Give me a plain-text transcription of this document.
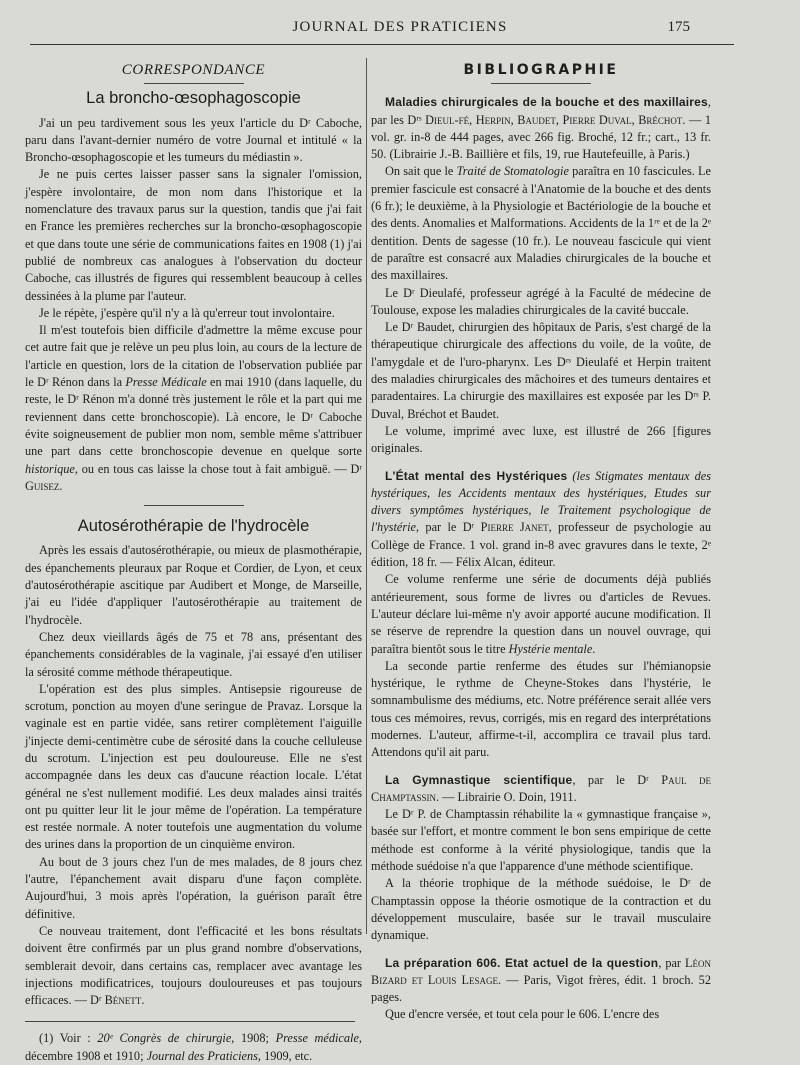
JOURNAL DES PRATICIENS	175
CORRESPONDANCE
La broncho-œsophagoscopie

J'ai un peu tardivement sous les yeux l'article du Dʳ Caboche, paru dans l'avant-dernier numéro de votre Journal et intitulé « la Broncho-œsophagoscopie et les tumeurs du médiastin ».

Je ne puis certes laisser passer sans la signaler l'omission, j'espère involontaire, de mon nom dans l'historique et la nomenclature des travaux parus sur la question, tandis que j'ai fait en France les premières recherches sur la broncho-œsophagoscopie et que dans toute une série de communications faites en 1908 (1) j'ai publié de nombreux cas analogues à l'observation du docteur Caboche, cas illustrés de figures qui ressemblent beaucoup à celles dessinées à la plume par l'auteur.

Je le répète, j'espère qu'il n'y a là qu'erreur tout involontaire.

Il m'est toutefois bien difficile d'admettre la même excuse pour cet autre fait que je relève un peu plus loin, au cours de la lecture de l'article en question, lors de la citation de l'observation publiée par le Dʳ Rénon dans la Presse Médicale en mai 1910 (dans laquelle, du reste, le Dʳ Rénon m'a donné très justement le rôle et la part qui me reviennent dans cette bronchoscopie). Là encore, le Dʳ Caboche évite soigneusement de publier mon nom, semble même s'attribuer une part dans cette bronchoscopie devenue en quelque sorte historique, ou en tous cas laisse la chose tout à fait ambiguë. — Dʳ Guisez.

Autosérothérapie de l'hydrocèle

Après les essais d'autosérothérapie, ou mieux de plasmothérapie, des épanchements pleuraux par Roque et Cordier, de Lyon, et ceux d'autosérothérapie ascitique par Audibert et Monge, de Marseille, j'ai eu l'idée d'appliquer l'autosérothérapie au traitement de l'hydrocèle.

Chez deux vieillards âgés de 75 et 78 ans, présentant des épanchements considérables de la vaginale, j'ai essayé d'en utiliser la sérosité comme méthode thérapeutique.

L'opération est des plus simples. Antisepsie rigoureuse de scrotum, ponction au moyen d'une seringue de Pravaz. Lorsque la vaginale est en partie vidée, sans retirer complètement l'aiguille j'injecte demi-centimètre cube de sérosité dans la couche celluleuse du scrotum. L'injection est peu douloureuse. Elle ne s'est accompagnée dans les deux cas d'aucune réaction locale. L'état général ne s'est nullement modifié. Les deux malades ainsi traités ont pu quitter leur lit le jour même de l'opération. La température est restée normale. A noter toutefois une augmentation du volume des urines dans la proportion de un cinquième environ.

Au bout de 3 jours chez l'un de mes malades, de 8 jours chez l'autre, l'épanchement avait disparu d'une façon complète. Aujourd'hui, 3 mois après l'opération, la guérison paraît être définitive.

Ce nouveau traitement, dont l'efficacité et les bons résultats doivent être confirmés par un plus grand nombre d'observations, semblerait devoir, dans certains cas, remplacer avec avantage les injections modificatrices, toujours douloureuses et pas toujours efficaces. — Dʳ Bénett.

(1) Voir : 20ᵉ Congrès de chirurgie, 1908; Presse médicale, décembre 1908 et 1910; Journal des Praticiens, 1909, etc.

BIBLIOGRAPHIE

Maladies chirurgicales de la bouche et des maxillaires, par les Dʳˢ Dieul-fé, Herpin, Baudet, Pierre Duval, Bréchot. — 1 vol. gr. in-8 de 444 pages, avec 266 fig. Broché, 12 fr.; cart., 13 fr. 50. (Librairie J.-B. Baillière et fils, 19, rue Hautefeuille, à Paris.)

On sait que le Traité de Stomatologie paraîtra en 10 fascicules. Le premier fascicule est consacré à l'Anatomie de la bouche et des dents (6 fr.); le deuxième, à la Physiologie et Bactériologie de la bouche et des dents. Anomalies et Malformations. Accidents de la 1ʳᵉ et de la 2ᵉ dentition. Dents de sagesse (10 fr.). Le nouveau fascicule qui vient de paraître est consacré aux Maladies chirurgicales de la bouche et des maxillaires.

Le Dʳ Dieulafé, professeur agrégé à la Faculté de médecine de Toulouse, expose les maladies chirurgicales de la cavité buccale.

Le Dʳ Baudet, chirurgien des hôpitaux de Paris, s'est chargé de la thérapeutique chirurgicale des affections du voile, de la voûte, de l'amygdale et de l'uro-pharynx. Les Dʳˢ Dieulafé et Herpin traitent des maladies chirurgicales des mâchoires et des tumeurs dentaires et paradentaires. La chirurgie des maxillaires est exposée par les Dʳˢ P. Duval, Bréchot et Baudet.

Le volume, imprimé avec luxe, est illustré de 266 [figures originales.

L'État mental des Hystériques (les Stigmates mentaux des hystériques, les Accidents mentaux des hystériques, Etudes sur divers symptômes hystériques, le Traitement psychologique de l'hystérie, par le Dʳ Pierre Janet, professeur de psychologie au Collège de France. 1 vol. grand in-8 avec gravures dans le texte, 2ᵉ édition, 18 fr. — Félix Alcan, éditeur.

Ce volume renferme une série de documents déjà publiés antérieurement, sous forme de livres ou d'articles de Revues. L'auteur déclare lui-même n'y avoir apporté aucune modification. Il se réserve de reprendre la question dans un nouvel ouvrage, qui paraîtra bientôt sous le titre Hystérie mentale.

La seconde partie renferme des études sur l'hémianopsie hystérique, le rythme de Cheyne-Stokes dans l'hystérie, le somnambulisme des médiums, etc. Notre préférence serait allée vers tous ces mémoires, revus, corrigés, mis en regard des interprétations modernes. L'auteur, affirme-t-il, accomplira ce travail plus tard. Attendons qu'il ait paru.

La Gymnastique scientifique, par le Dʳ Paul de Champtassin. — Librairie O. Doin, 1911.

Le Dʳ P. de Champtassin réhabilite la « gymnastique française », basée sur l'effort, et montre comment le bon sens empirique de cette méthode est conforme à la vérité physiologique, tandis que la méthode suédoise n'a que l'apparence d'une méthode scientifique.

A la théorie trophique de la méthode suédoise, le Dʳ de Champtassin oppose la théorie osmotique de la contraction et du développement musculaire, basée sur le travail musculaire dynamique.

La préparation 606. Etat actuel de la question, par Léon Bizard et Louis Lesage. — Paris, Vigot frères, édit. 1 broch. 52 pages.

Que d'encre versée, et tout cela pour le 606. L'encre des
